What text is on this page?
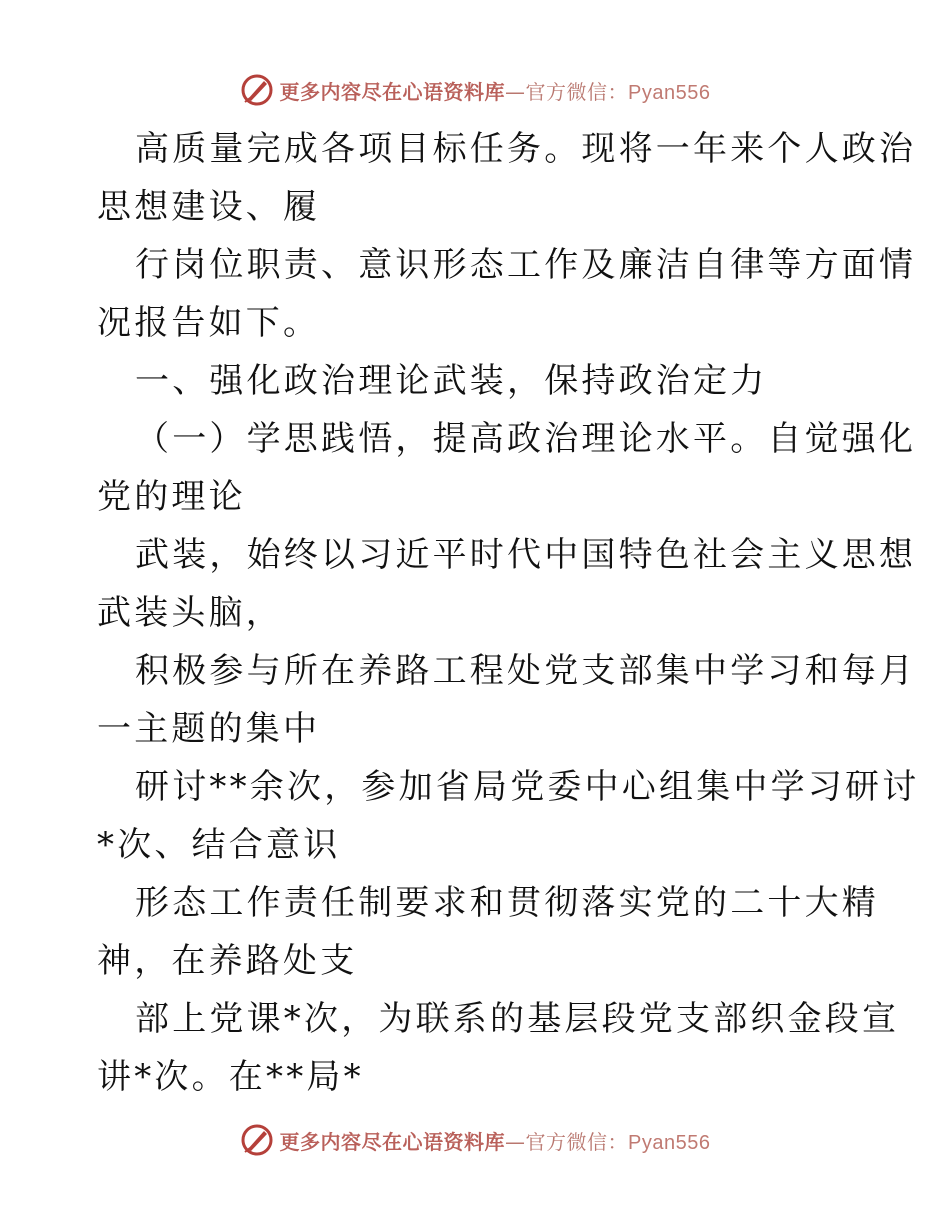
更多内容尽在心语资料库—官方微信：Pyan556
高质量完成各项目标任务。现将一年来个人政治
思想建设、履
行岗位职责、意识形态工作及廉洁自律等方面情
况报告如下。
一、强化政治理论武装，保持政治定力
（一）学思践悟，提高政治理论水平。自觉强化
党的理论
武装，始终以习近平时代中国特色社会主义思想
武装头脑，
积极参与所在养路工程处党支部集中学习和每月
一主题的集中
研讨**余次，参加省局党委中心组集中学习研讨
*次、结合意识
形态工作责任制要求和贯彻落实党的二十大精
神，在养路处支
部上党课*次，为联系的基层段党支部织金段宣
讲*次。在**局*
更多内容尽在心语资料库—官方微信：Pyan556
